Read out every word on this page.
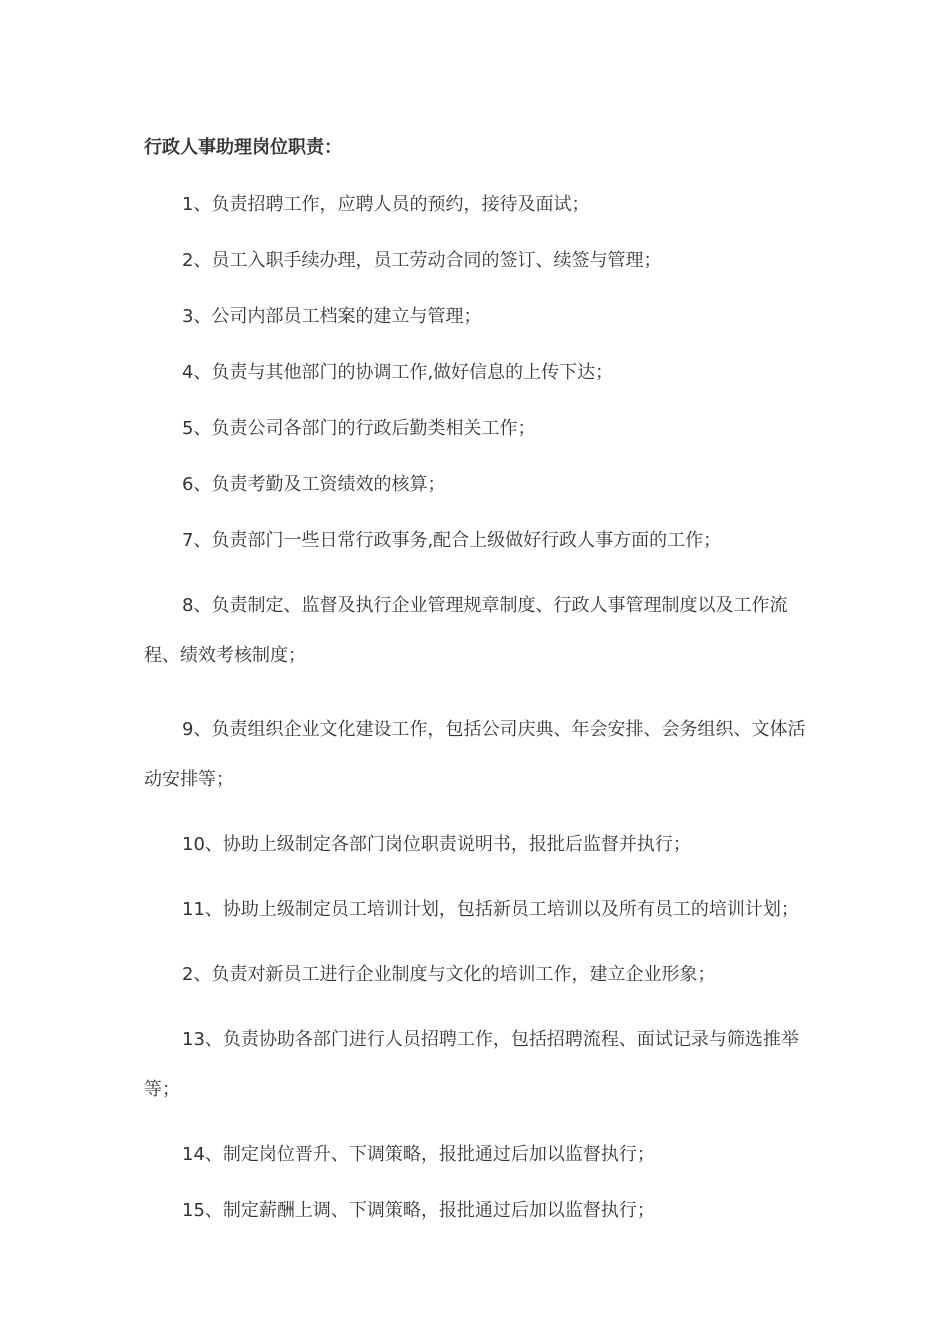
行政人事助理岗位职责：

1、负责招聘工作，应聘人员的预约，接待及面试；

2、员工入职手续办理，员工劳动合同的签订、续签与管理；

3、公司内部员工档案的建立与管理；

4、负责与其他部门的协调工作,做好信息的上传下达；

5、负责公司各部门的行政后勤类相关工作；

6、负责考勤及工资绩效的核算；

7、负责部门一些日常行政事务,配合上级做好行政人事方面的工作；

8、负责制定、监督及执行企业管理规章制度、行政人事管理制度以及工作流程、绩效考核制度；

9、负责组织企业文化建设工作，包括公司庆典、年会安排、会务组织、文体活动安排等；

10、协助上级制定各部门岗位职责说明书，报批后监督并执行；

11、协助上级制定员工培训计划，包括新员工培训以及所有员工的培训计划；

2、负责对新员工进行企业制度与文化的培训工作，建立企业形象；

13、负责协助各部门进行人员招聘工作，包括招聘流程、面试记录与筛选推举等；

14、制定岗位晋升、下调策略，报批通过后加以监督执行；

15、制定薪酬上调、下调策略，报批通过后加以监督执行；
